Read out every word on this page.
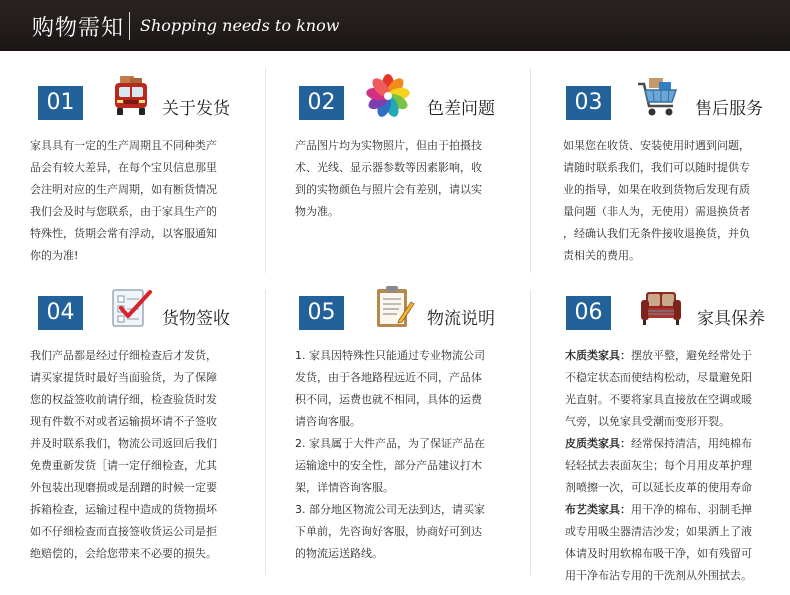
购物需知 Shopping needs to know
01	关于发货

家具具有一定的生产周期且不同种类产

品会有较大差异，在每个宝贝信息那里

会注明对应的生产周期，如有断货情况

我们会及时与您联系，由于家具生产的

特殊性，货期会常有浮动，以客服通知

你的为准!

02	色差问题

产品图片均为实物照片，但由于拍摄技

术、光线、显示器参数等因素影响，收

到的实物颜色与照片会有差别，请以实

物为准。

03	售后服务

如果您在收货、安装使用时遇到问题，

请随时联系我们，我们可以随时提供专

业的指导，如果在收到货物后发现有质

量问题（非人为，无使用）需退换货者

，经确认我们无条件接收退换货，并负

责相关的费用。

04	货物签收

我们产品都是经过仔细检查后才发货，

请买家提货时最好当面验货，为了保障

您的权益签收前请仔细，检查验货时发

现有件数不对或者运输损坏请不子签收

并及时联系我们，物流公司返回后我们

免费重新发货［请一定仔细检查，尤其

外包装出现磨损或是刮蹭的时候一定要

拆箱检查，运输过程中造成的货物损坏

如不仔细检查而直接签收货运公司是拒

绝赔偿的，会给您带来不必要的损失。

05	物流说明

1. 家具因特殊性只能通过专业物流公司

发货，由于各地路程远近不同，产品体

积不同，运费也就不相同，具体的运费

请咨询客服。

2. 家具属于大件产品，为了保证产品在

运输途中的安全性，部分产品建议打木

架，详情咨询客服。

3. 部分地区物流公司无法到达，请买家

下单前，先咨询好客服，协商好可到达

的物流运送路线。

06	家具保养

木质类家具：摆放平整，避免经常处于

不稳定状态而使结构松动，尽量避免阳

光直射。不要将家具直接放在空调或暖

气旁，以免家具受潮而变形开裂。

皮质类家具：经常保持清洁，用纯棉布

轻轻拭去表面灰尘；每个月用皮革护理

剂喷擦一次，可以延长皮革的使用寿命

布艺类家具：用干净的棉布、羽制毛掸

或专用吸尘器清洁沙发；如果洒上了液

体请及时用软棉布吸干净，如有残留可

用干净布沾专用的干洗剂从外围拭去。
